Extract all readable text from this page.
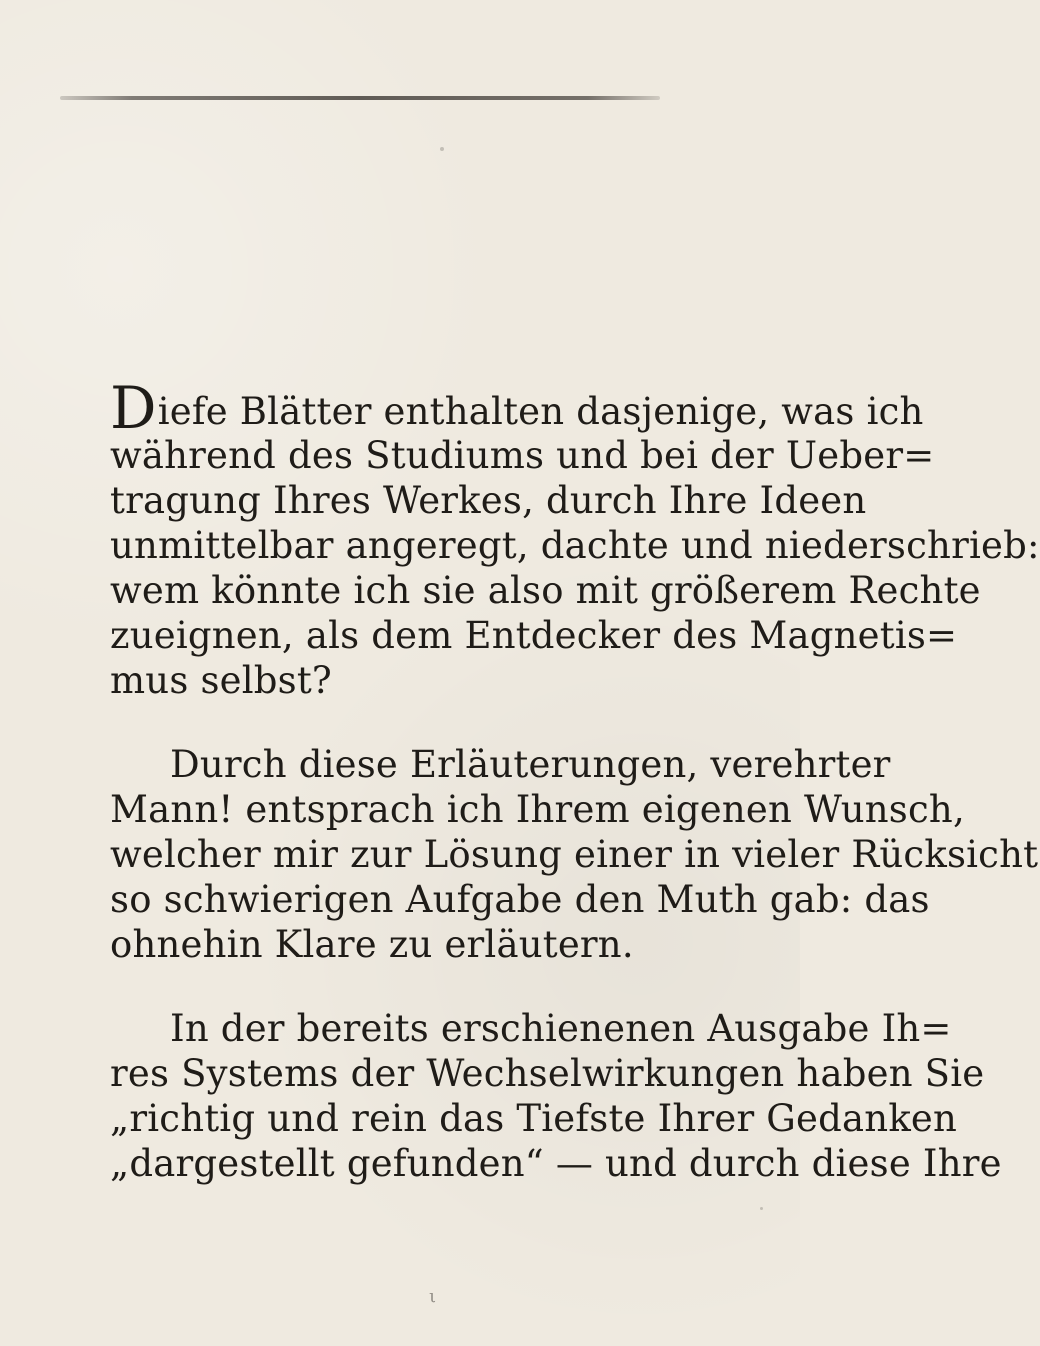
Diefe Blätter enthalten dasjenige, was ich
während des Studiums und bei der Ueber=
tragung Ihres Werkes, durch Ihre Ideen
unmittelbar angeregt, dachte und niederschrieb:
wem könnte ich sie also mit größerem Rechte
zueignen, als dem Entdecker des Magnetis=
mus selbst?
Durch diese Erläuterungen, verehrter
Mann! entsprach ich Ihrem eigenen Wunsch,
welcher mir zur Lösung einer in vieler Rücksicht
so schwierigen Aufgabe den Muth gab: das
ohnehin Klare zu erläutern.
In der bereits erschienenen Ausgabe Ih=
res Systems der Wechselwirkungen haben Sie
„richtig und rein das Tiefste Ihrer Gedanken
„dargestellt gefunden“ — und durch diese Ihre
ι
